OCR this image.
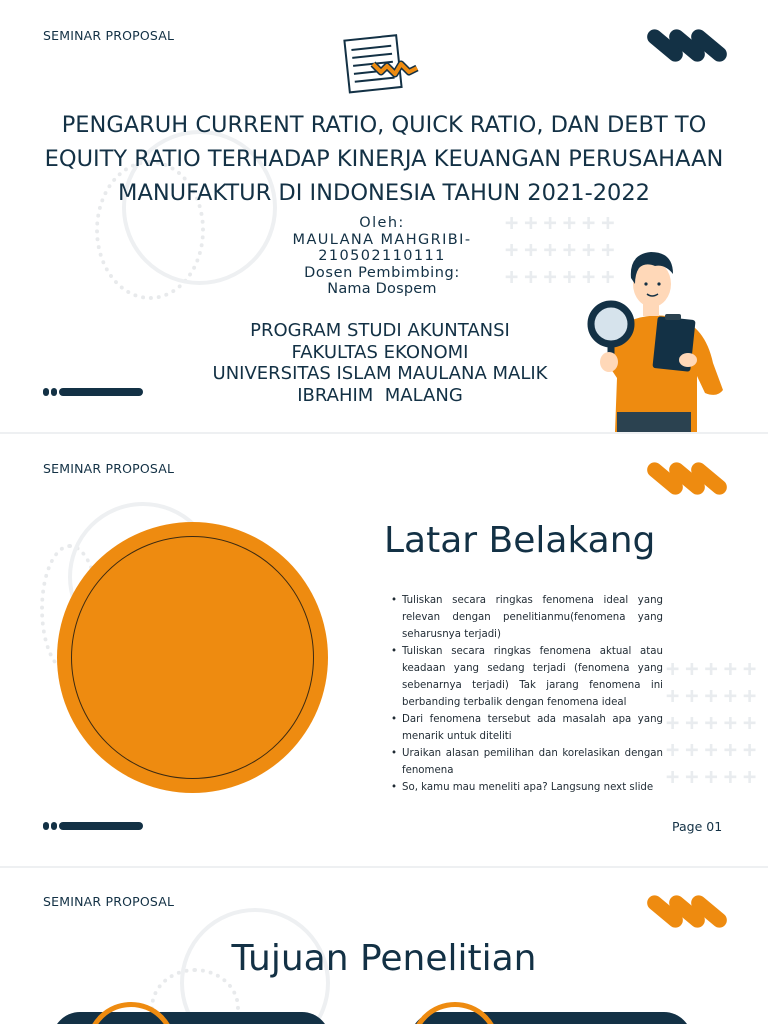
++++++
++++++
++++++
SEMINAR PROPOSAL
PENGARUH CURRENT RATIO, QUICK RATIO, DAN DEBT TO
EQUITY RATIO TERHADAP KINERJA KEUANGAN PERUSAHAAN
MANUFAKTUR DI INDONESIA TAHUN 2021-2022
Oleh:
MAULANA MAHGRIBI-
210502110111
Dosen Pembimbing:
Nama Dospem
PROGRAM STUDI AKUNTANSI
FAKULTAS EKONOMI
UNIVERSITAS ISLAM MAULANA MALIK
IBRAHIM  MALANG
+++++
+++++
+++++
+++++
+++++
SEMINAR PROPOSAL
Latar Belakang
• Tuliskan secara ringkas fenomena ideal yang relevan dengan penelitianmu(fenomena yang seharusnya terjadi)
• Tuliskan secara ringkas fenomena aktual atau keadaan yang sedang terjadi (fenomena yang sebenarnya terjadi) Tak jarang fenomena ini berbanding terbalik dengan fenomena ideal
• Dari fenomena tersebut ada masalah apa yang menarik untuk diteliti
• Uraikan alasan pemilihan dan korelasikan dengan fenomena
• So, kamu mau meneliti apa? Langsung next slide
Page 01
SEMINAR PROPOSAL
Tujuan Penelitian
